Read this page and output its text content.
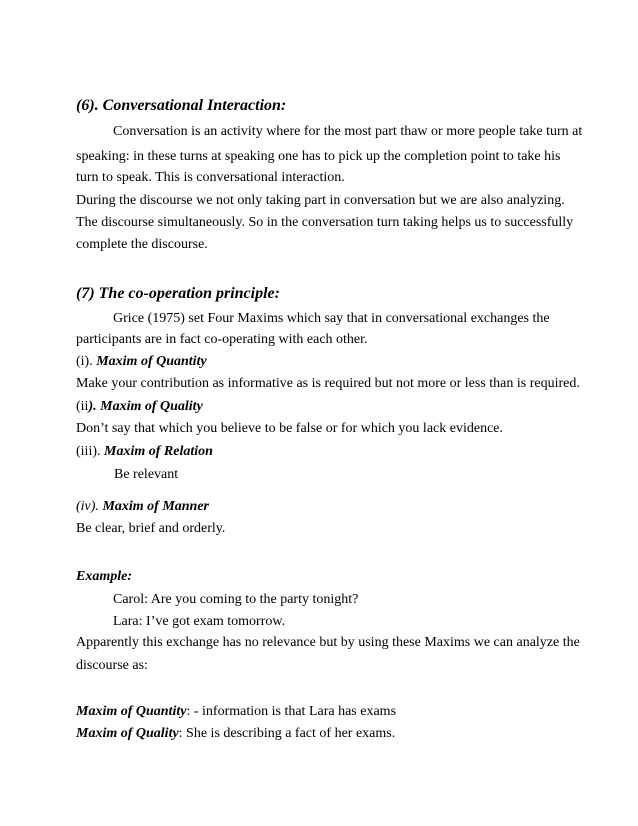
(6). Conversational Interaction:
Conversation is an activity where for the most part thaw or more people take turn at
speaking: in these turns at speaking one has to pick up the completion point to take his
turn to speak. This is conversational interaction.
During the discourse we not only taking part in conversation but we are also analyzing.
The discourse simultaneously. So in the conversation turn taking helps us to successfully
complete the discourse.
(7) The co-operation principle:
Grice (1975) set Four Maxims which say that in conversational exchanges the
participants are in fact co-operating with each other.
(i). Maxim of Quantity
Make your contribution as informative as is required but not more or less than is required.
(ii). Maxim of Quality
Don’t say that which you believe to be false or for which you lack evidence.
(iii). Maxim of Relation
Be relevant
(iv). Maxim of Manner
Be clear, brief and orderly.
Example:
Carol: Are you coming to the party tonight?
Lara: I’ve got exam tomorrow.
Apparently this exchange has no relevance but by using these Maxims we can analyze the
discourse as:
Maxim of Quantity: - information is that Lara has exams
Maxim of Quality: She is describing a fact of her exams.
